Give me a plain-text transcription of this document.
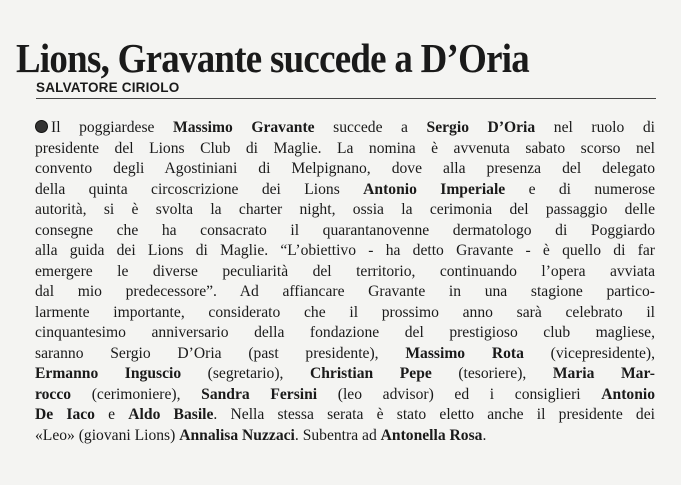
Lions, Gravante succede a D’Oria
SALVATORE CIRIOLO
Il poggiardese Massimo Gravante succede a Sergio D’Oria nel ruolo di
presidente del Lions Club di Maglie. La nomina è avvenuta sabato scorso nel
convento degli Agostiniani di Melpignano, dove alla presenza del delegato
della quinta circoscrizione dei Lions Antonio Imperiale e di numerose
autorità, si è svolta la charter night, ossia la cerimonia del passaggio delle
consegne che ha consacrato il quarantanovenne dermatologo di Poggiardo
alla guida dei Lions di Maglie. “L’obiettivo - ha detto Gravante - è quello di far
emergere le diverse peculiarità del territorio, continuando l’opera avviata
dal mio predecessore”. Ad affiancare Gravante in una stagione partico-
larmente importante, considerato che il prossimo anno sarà celebrato il
cinquantesimo anniversario della fondazione del prestigioso club magliese,
saranno Sergio D’Oria (past presidente), Massimo Rota (vicepresidente),
Ermanno Inguscio (segretario), Christian Pepe (tesoriere), Maria Mar-
rocco (cerimoniere), Sandra Fersini (leo advisor) ed i consiglieri Antonio
De Iaco e Aldo Basile. Nella stessa serata è stato eletto anche il presidente dei
«Leo» (giovani Lions) Annalisa Nuzzaci. Subentra ad Antonella Rosa.
